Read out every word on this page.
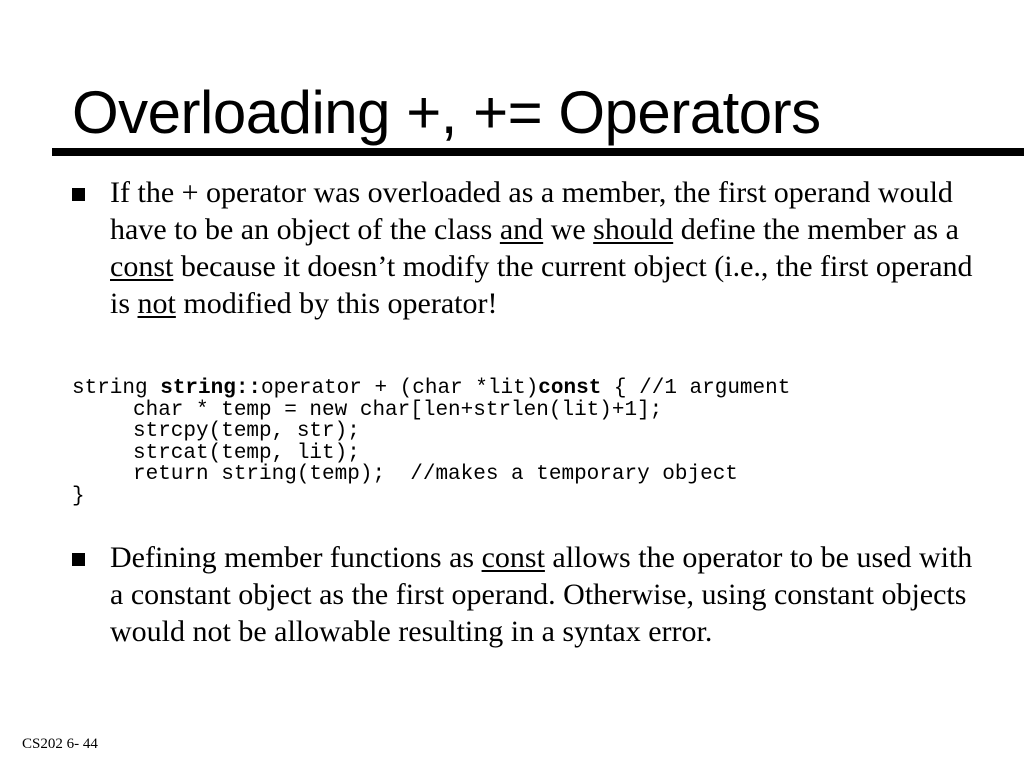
Overloading +, += Operators
If the + operator was overloaded as a member, the first operand would have to be an object of the class and we should define the member as a const because it doesn’t modify the current object (i.e., the first operand is not modified by this operator!
string string::operator + (char *lit)const { //1 argument
char * temp = new char[len+strlen(lit)+1];
strcpy(temp, str);
strcat(temp, lit);
return string(temp);  //makes a temporary object
}
Defining member functions as const allows the operator to be used with a constant object as the first operand. Otherwise, using constant objects would not be allowable resulting in a syntax error.
CS202 6- 44
